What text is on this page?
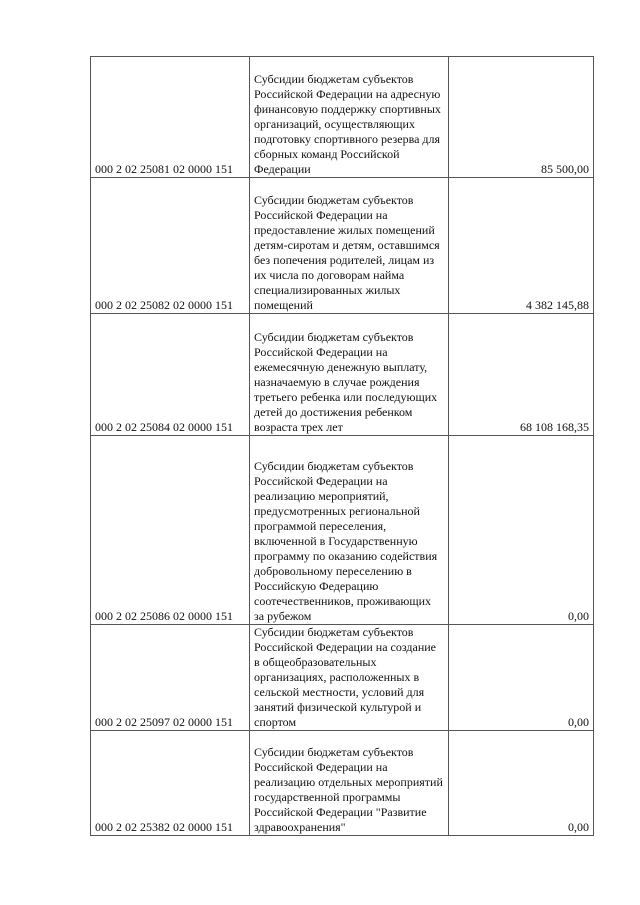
000 2 02 25081 02 0000 151	Субсидии бюджетам субъектов Российской Федерации на адресную финансовую поддержку спортивных организаций, осуществляющих подготовку спортивного резерва для сборных команд Российской Федерации	85 500,00

000 2 02 25082 02 0000 151	Субсидии бюджетам субъектов Российской Федерации на предоставление жилых помещений детям-сиротам и детям, оставшимся без попечения родителей, лицам из их числа по договорам найма специализированных жилых помещений	4 382 145,88

000 2 02 25084 02 0000 151	Субсидии бюджетам субъектов Российской Федерации на ежемесячную денежную выплату, назначаемую в случае рождения третьего ребенка или последующих детей до достижения ребенком возраста трех лет	68 108 168,35

000 2 02 25086 02 0000 151	Субсидии бюджетам субъектов Российской Федерации на реализацию мероприятий, предусмотренных региональной программой переселения, включенной в Государственную программу по оказанию содействия добровольному переселению в Российскую Федерацию соотечественников, проживающих за рубежом	0,00

000 2 02 25097 02 0000 151	Субсидии бюджетам субъектов Российской Федерации на создание в общеобразовательных организациях, расположенных в сельской местности, условий для занятий физической культурой и спортом	0,00

000 2 02 25382 02 0000 151	Субсидии бюджетам субъектов Российской Федерации на реализацию отдельных мероприятий государственной программы Российской Федерации "Развитие здравоохранения"	0,00
